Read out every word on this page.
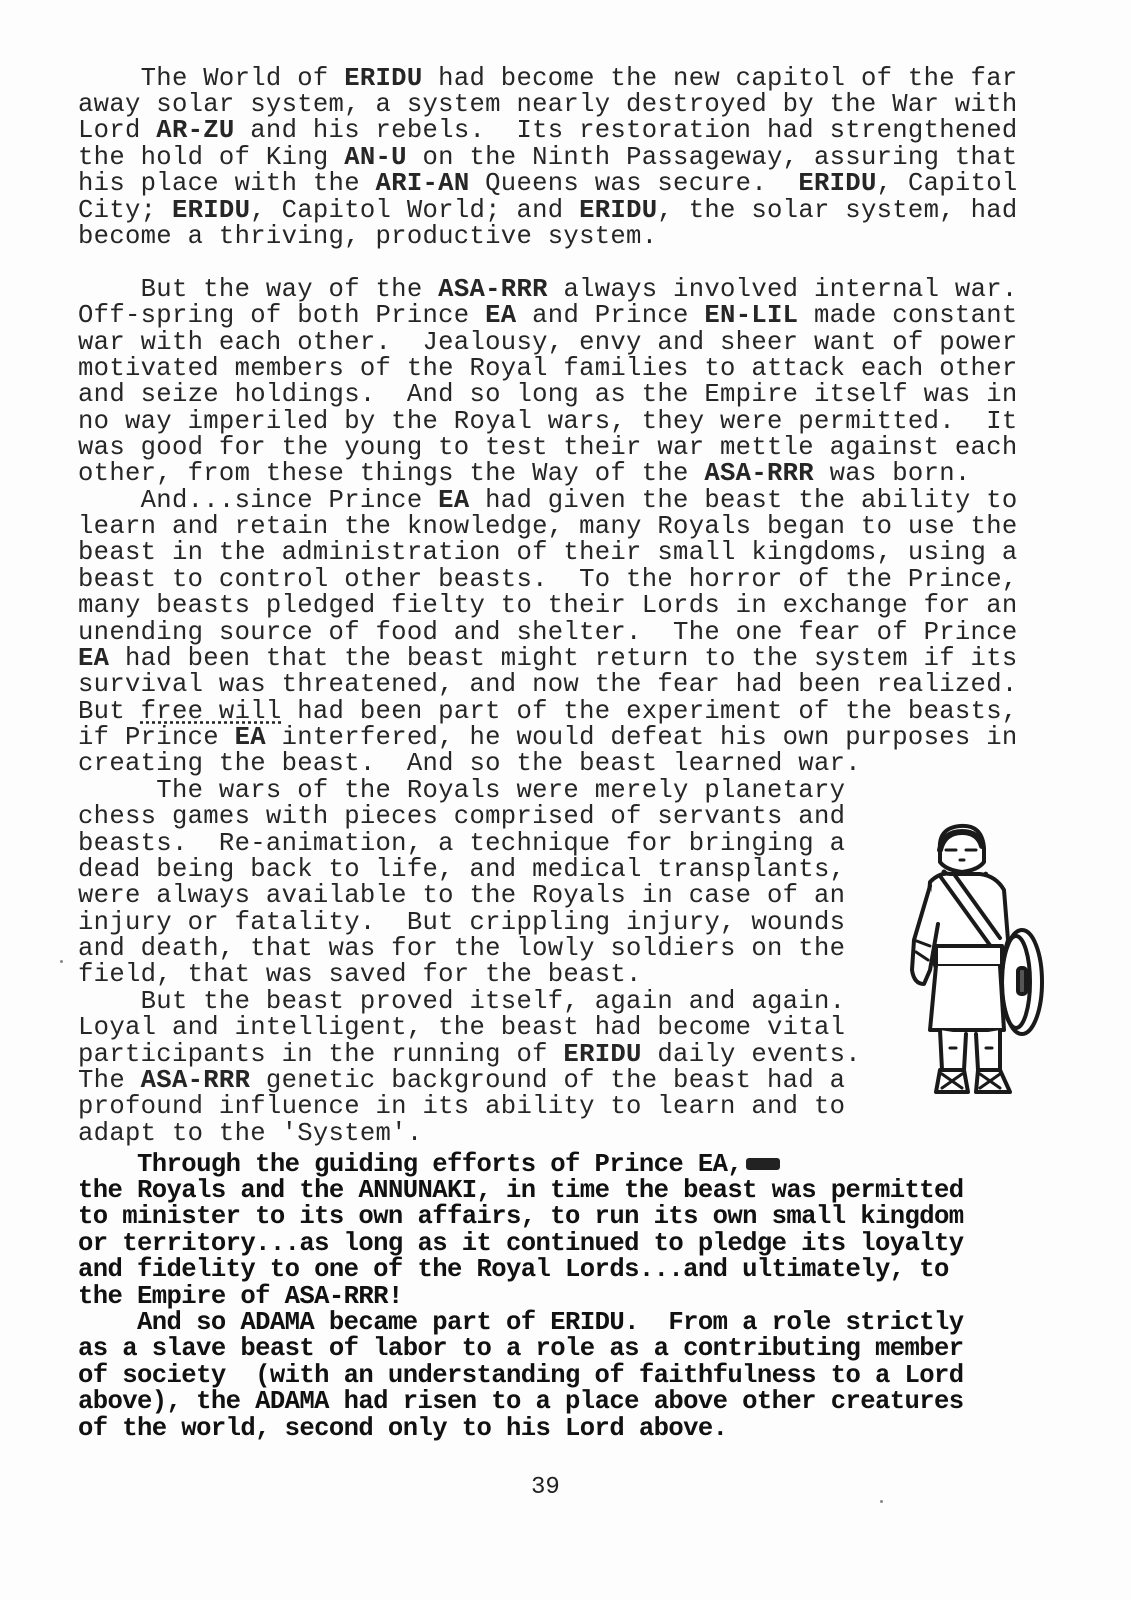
The World of ERIDU had become the new capitol of the far
away solar system, a system nearly destroyed by the War with
Lord AR-ZU and his rebels.  Its restoration had strengthened
the hold of King AN-U on the Ninth Passageway, assuring that
his place with the ARI-AN Queens was secure.  ERIDU, Capitol
City; ERIDU, Capitol World; and ERIDU, the solar system, had
become a thriving, productive system.
But the way of the ASA-RRR always involved internal war.
Off-spring of both Prince EA and Prince EN-LIL made constant
war with each other.  Jealousy, envy and sheer want of power
motivated members of the Royal families to attack each other
and seize holdings.  And so long as the Empire itself was in
no way imperiled by the Royal wars, they were permitted.  It
was good for the young to test their war mettle against each
other, from these things the Way of the ASA-RRR was born.
And...since Prince EA had given the beast the ability to
learn and retain the knowledge, many Royals began to use the
beast in the administration of their small kingdoms, using a
beast to control other beasts.  To the horror of the Prince,
many beasts pledged fielty to their Lords in exchange for an
unending source of food and shelter.  The one fear of Prince
EA had been that the beast might return to the system if its
survival was threatened, and now the fear had been realized.
But free will had been part of the experiment of the beasts,
if Prince EA interfered, he would defeat his own purposes in
creating the beast.  And so the beast learned war.
The wars of the Royals were merely planetary
chess games with pieces comprised of servants and
beasts.  Re-animation, a technique for bringing a
dead being back to life, and medical transplants,
were always available to the Royals in case of an
injury or fatality.  But crippling injury, wounds
and death, that was for the lowly soldiers on the
field, that was saved for the beast.
But the beast proved itself, again and again.
Loyal and intelligent, the beast had become vital
participants in the running of ERIDU daily events.
The ASA-RRR genetic background of the beast had a
profound influence in its ability to learn and to
adapt to the 'System'.
Through the guiding efforts of Prince EA,
the Royals and the ANNUNAKI, in time the beast was permitted
to minister to its own affairs, to run its own small kingdom
or territory...as long as it continued to pledge its loyalty
and fidelity to one of the Royal Lords...and ultimately, to
the Empire of ASA-RRR!
And so ADAMA became part of ERIDU.  From a role strictly
as a slave beast of labor to a role as a contributing member
of society  (with an understanding of faithfulness to a Lord
above), the ADAMA had risen to a place above other creatures
of the world, second only to his Lord above.
39
